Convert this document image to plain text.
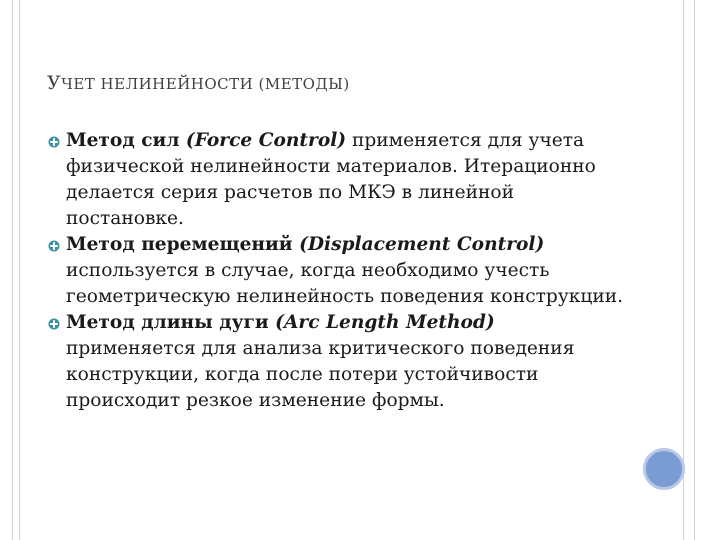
УЧЕТ НЕЛИНЕЙНОСТИ (МЕТОДЫ)
Метод сил (Force Control) применяется для учета физической нелинейности материалов. Итерационно делается серия расчетов по МКЭ в линейной постановке.
Метод перемещений (Displacement Control) используется в случае, когда необходимо учесть геометрическую нелинейность поведения конструкции.
Метод длины дуги (Arc Length Method) применяется для анализа критического поведения конструкции, когда после потери устойчивости происходит резкое изменение формы.
